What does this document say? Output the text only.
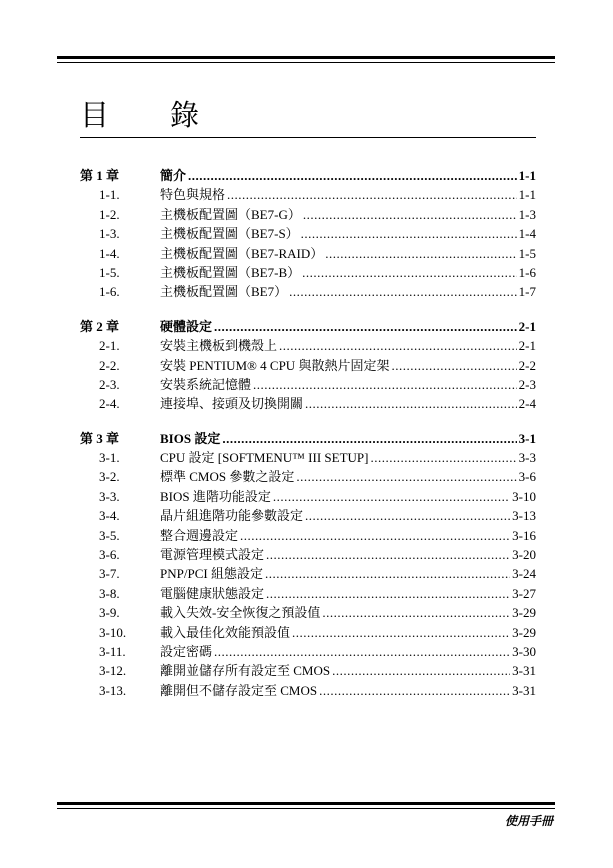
目　錄
第 1 章	簡介 .....	1-1
1-1.	特色與規格 .....	1-1
1-2.	主機板配置圖（BE7-G） .....	1-3
1-3.	主機板配置圖（BE7-S） .....	1-4
1-4.	主機板配置圖（BE7-RAID） .....	1-5
1-5.	主機板配置圖（BE7-B） .....	1-6
1-6.	主機板配置圖（BE7） .....	1-7
第 2 章	硬體設定 .....	2-1
2-1.	安裝主機板到機殼上 .....	2-1
2-2.	安裝 PENTIUM® 4 CPU 與散熱片固定架 .....	2-2
2-3.	安裝系統記憶體 .....	2-3
2-4.	連接埠、接頭及切換開關 .....	2-4
第 3 章	BIOS 設定 .....	3-1
3-1.	CPU 設定 [SOFTMENU™ III SETUP] .....	3-3
3-2.	標準 CMOS 參數之設定 .....	3-6
3-3.	BIOS 進階功能設定 .....	3-10
3-4.	晶片組進階功能參數設定 .....	3-13
3-5.	整合週邊設定 .....	3-16
3-6.	電源管理模式設定 .....	3-20
3-7.	PNP/PCI 組態設定 .....	3-24
3-8.	電腦健康狀態設定 .....	3-27
3-9.	載入失效-安全恢復之預設值 .....	3-29
3-10.	載入最佳化效能預設值 .....	3-29
3-11.	設定密碼 .....	3-30
3-12.	離開並儲存所有設定至 CMOS .....	3-31
3-13.	離開但不儲存設定至 CMOS .....	3-31
使用手冊
